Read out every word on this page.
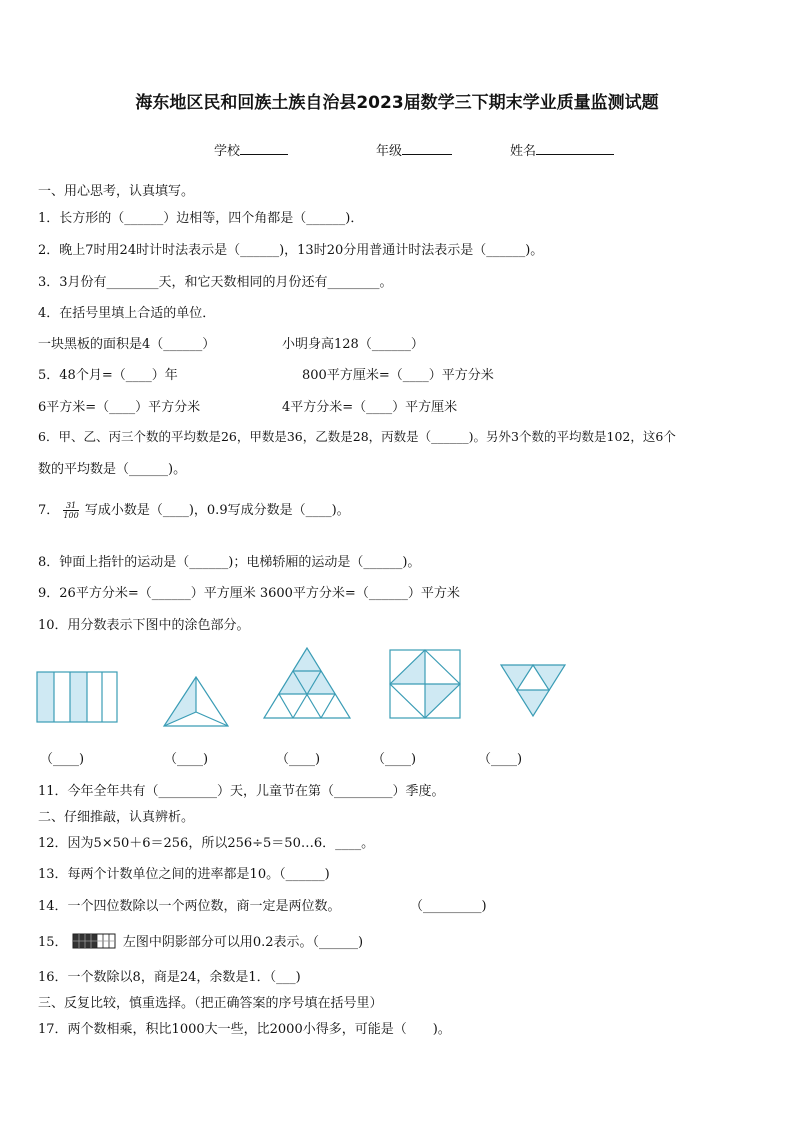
海东地区民和回族土族自治县2023届数学三下期末学业质量监测试题
学校	年级	姓名
一、用心思考，认真填写。
1．长方形的（______）边相等，四个角都是（______)．
2．晚上7时用24时计时法表示是（______)，13时20分用普通计时法表示是（______)。
3．3月份有________天，和它天数相同的月份还有________。
4．在括号里填上合适的单位．
一块黑板的面积是4（______）	小明身高128（______）
5．48个月=（____）年	800平方厘米=（____）平方分米
6平方米=（____）平方分米	4平方分米=（____）平方厘米
6．甲、乙、丙三个数的平均数是26，甲数是36，乙数是28，丙数是（______)。另外3个数的平均数是102，这6个
数的平均数是（______)。
7． $\frac{31}{100}$ 写成小数是（____)，0.9写成分数是（____)。
8．钟面上指针的运动是（______)；电梯轿厢的运动是（______)。
9．26平方分米=（______）平方厘米 3600平方分米=（______）平方米
10．用分数表示下图中的涂色部分。
（____)	（____)	（____)	（____)	（____)
11．今年全年共有（_________）天，儿童节在第（_________）季度。
二、仔细推敲，认真辨析。
12．因为5×50＋6＝256，所以256÷5＝50…6．____。
13．每两个计数单位之间的进率都是10。（______)
14．一个四位数除以一个两位数，商一定是两位数。	（_________)
15．	左图中阴影部分可以用0.2表示。（______)
16．一个数除以8，商是24，余数是1．（___)
三、反复比较，慎重选择。（把正确答案的序号填在括号里）
17．两个数相乘，积比1000大一些，比2000小得多，可能是（　　)。
